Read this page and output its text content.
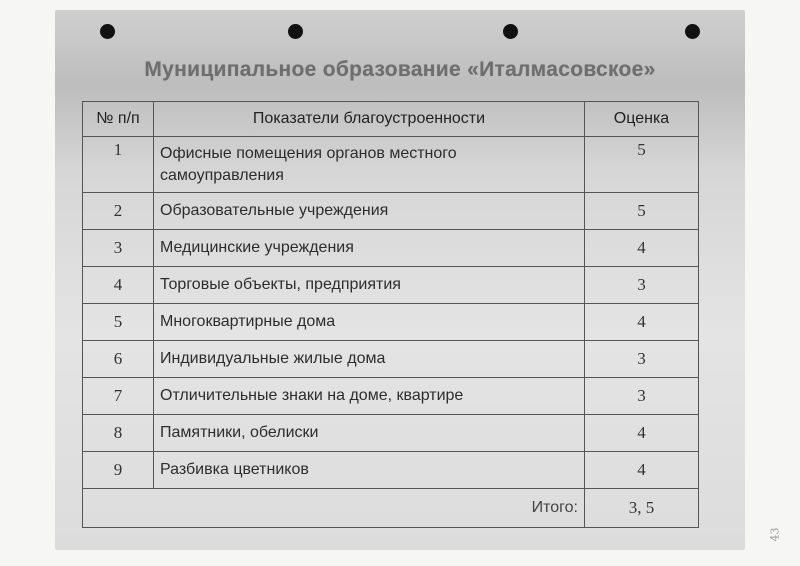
Муниципальное образование «Италмасовское»
№ п/п	Показатели благоустроенности	Оценка
1	Офисные помещения органов местного самоуправления	5
2	Образовательные учреждения	5
3	Медицинские учреждения	4
4	Торговые объекты, предприятия	3
5	Многоквартирные дома	4
6	Индивидуальные жилые дома	3
7	Отличительные знаки на доме, квартире	3
8	Памятники, обелиски	4
9	Разбивка цветников	4
Итого:		3, 5
43
